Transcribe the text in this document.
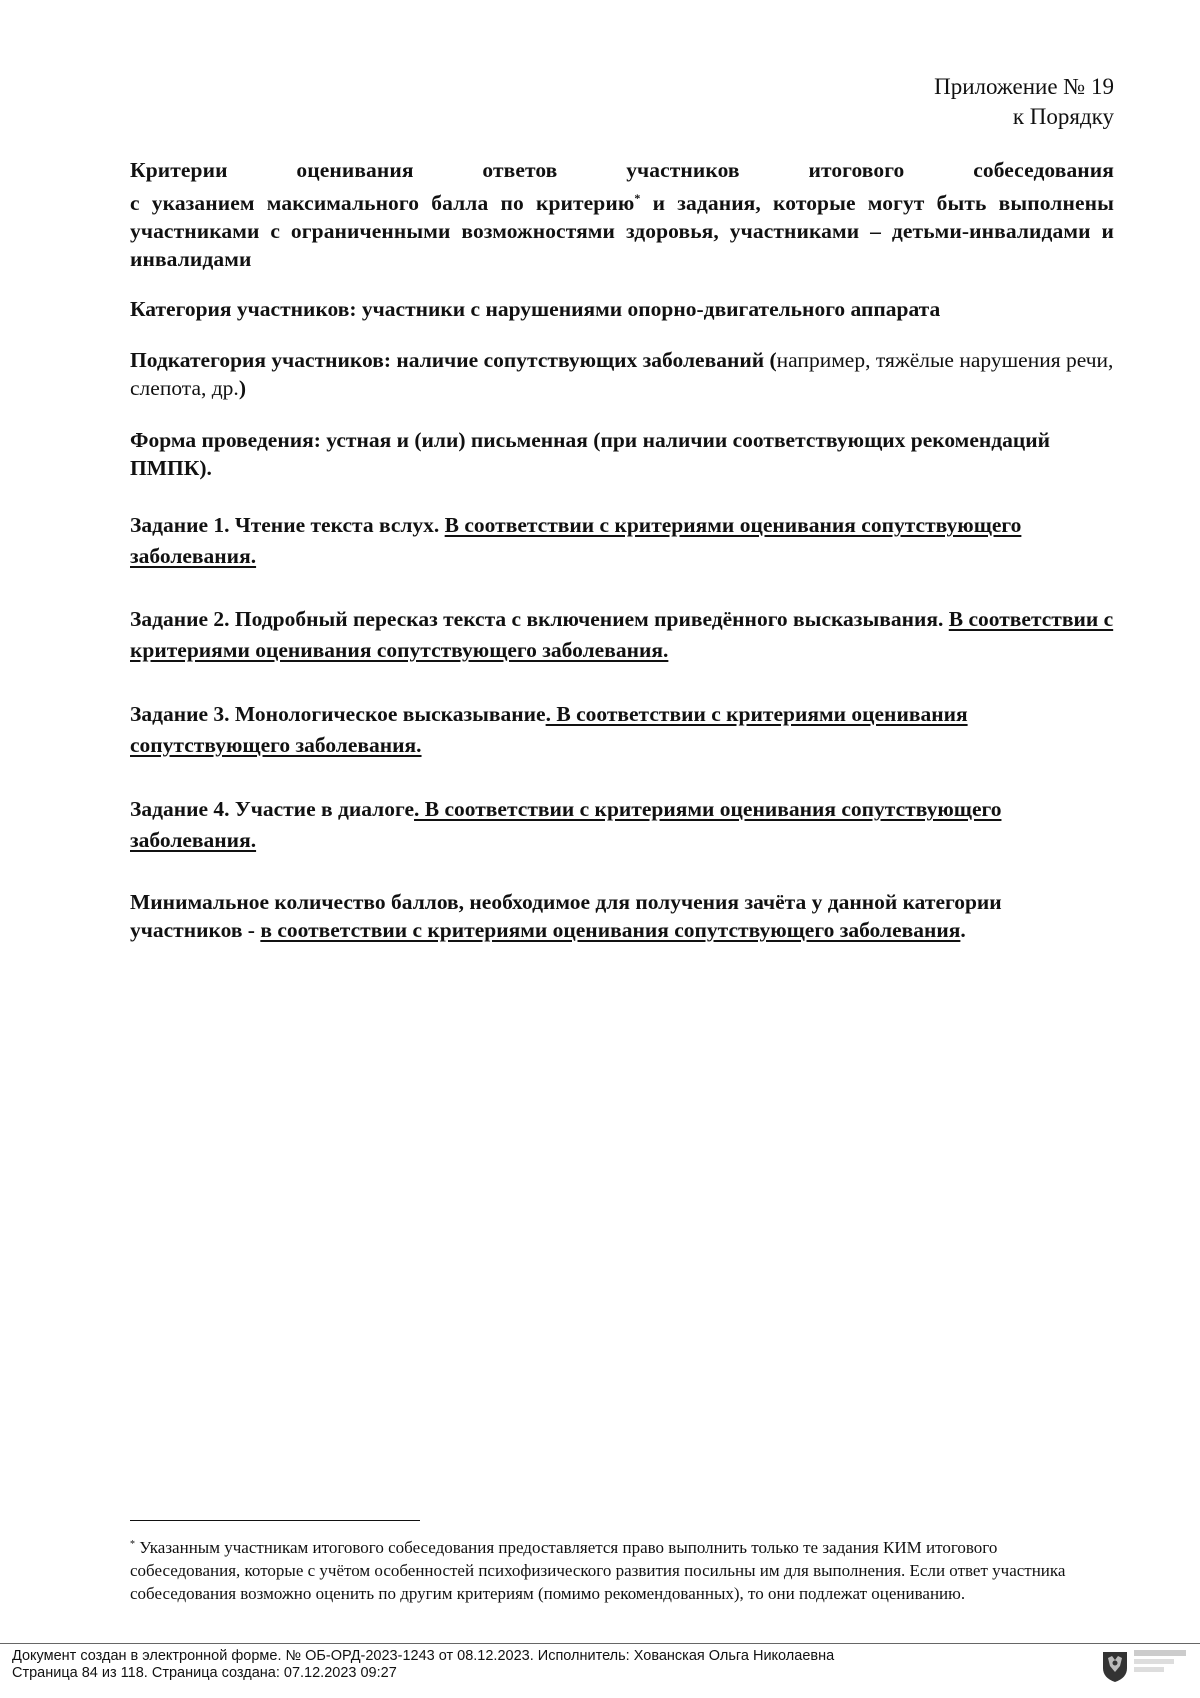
Приложение № 19
к Порядку

Критерии оценивания ответов участников итогового собеседования
с указанием максимального балла по критерию* и задания, которые могут быть выполнены участниками с ограниченными возможностями здоровья, участниками – детьми-инвалидами и инвалидами

Категория участников: участники с нарушениями опорно-двигательного аппарата

Подкатегория участников: наличие сопутствующих заболеваний (например, тяжёлые нарушения речи, слепота, др.)

Форма проведения: устная и (или) письменная (при наличии соответствующих рекомендаций ПМПК).

Задание 1. Чтение текста вслух. В соответствии с критериями оценивания сопутствующего заболевания.

Задание 2. Подробный пересказ текста с включением приведённого высказывания. В соответствии с критериями оценивания сопутствующего заболевания.

Задание 3. Монологическое высказывание. В соответствии с критериями оценивания сопутствующего заболевания.

Задание 4. Участие в диалоге. В соответствии с критериями оценивания сопутствующего заболевания.

Минимальное количество баллов, необходимое для получения зачёта у данной категории участников - в соответствии с критериями оценивания сопутствующего заболевания.

* Указанным участникам итогового собеседования предоставляется право выполнить только те задания КИМ итогового собеседования, которые с учётом особенностей психофизического развития посильны им для выполнения. Если ответ участника собеседования возможно оценить по другим критериям (помимо рекомендованных), то они подлежат оцениванию.

Документ создан в электронной форме. № ОБ-ОРД-2023-1243 от 08.12.2023. Исполнитель: Хованская Ольга Николаевна
Страница 84 из 118. Страница создана: 07.12.2023 09:27
